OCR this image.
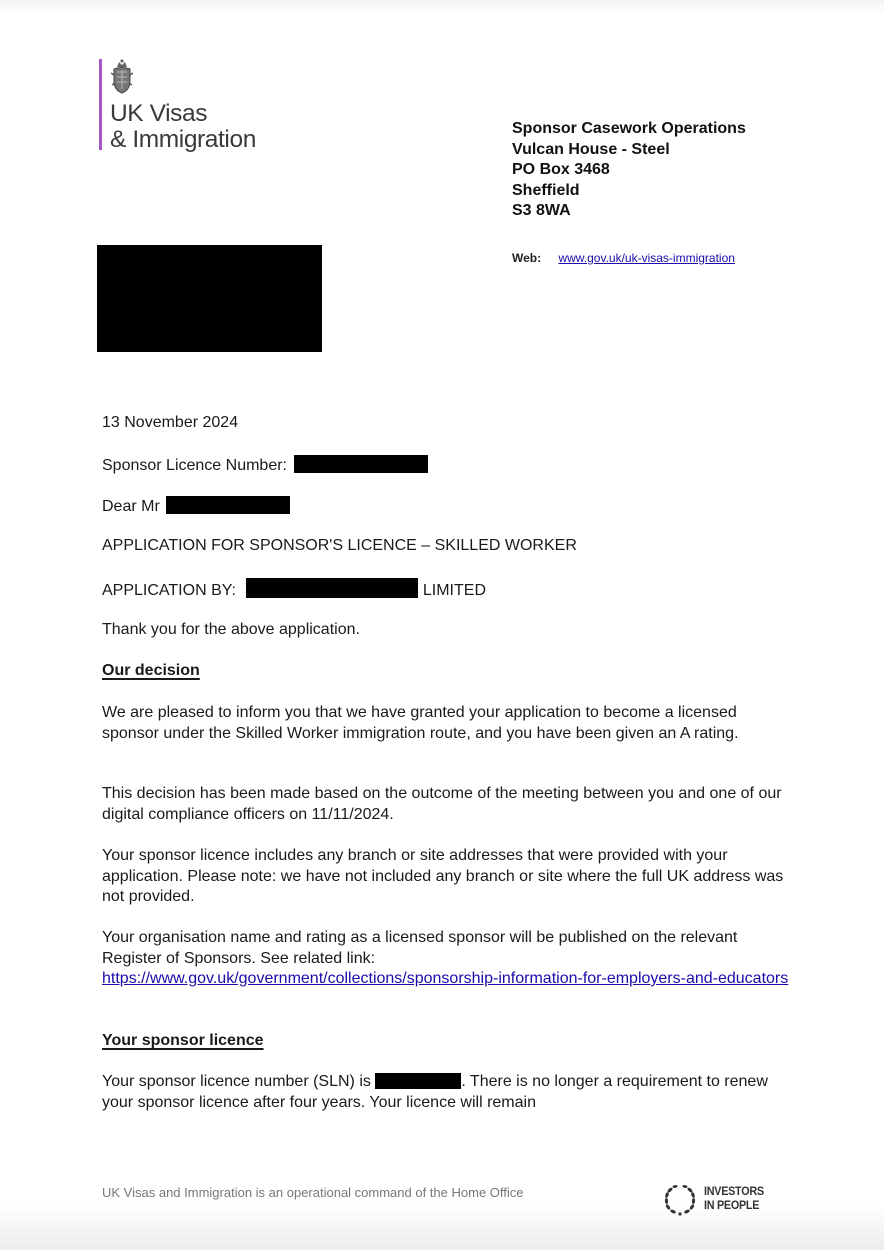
UK Visas
& Immigration	Sponsor Casework Operations
Vulcan House - Steel
PO Box 3468
Sheffield
S3 8WA
Web: www.gov.uk/uk-visas-immigration
13 November 2024
Sponsor Licence Number:
Dear Mr
APPLICATION FOR SPONSOR'S LICENCE – SKILLED WORKER
APPLICATION BY:	LIMITED
Thank you for the above application.
Our decision
We are pleased to inform you that we have granted your application to become a licensed sponsor under the Skilled Worker immigration route, and you have been given an A rating.
This decision has been made based on the outcome of the meeting between you and one of our digital compliance officers on 11/11/2024.
Your sponsor licence includes any branch or site addresses that were provided with your application. Please note: we have not included any branch or site where the full UK address was not provided.
Your organisation name and rating as a licensed sponsor will be published on the relevant Register of Sponsors. See related link:
https://www.gov.uk/government/collections/sponsorship-information-for-employers-and-educators
Your sponsor licence
Your sponsor licence number (SLN) is	. There is no longer a requirement to renew your sponsor licence after four years. Your licence will remain
UK Visas and Immigration is an operational command of the Home Office	INVESTORS
IN PEOPLE
